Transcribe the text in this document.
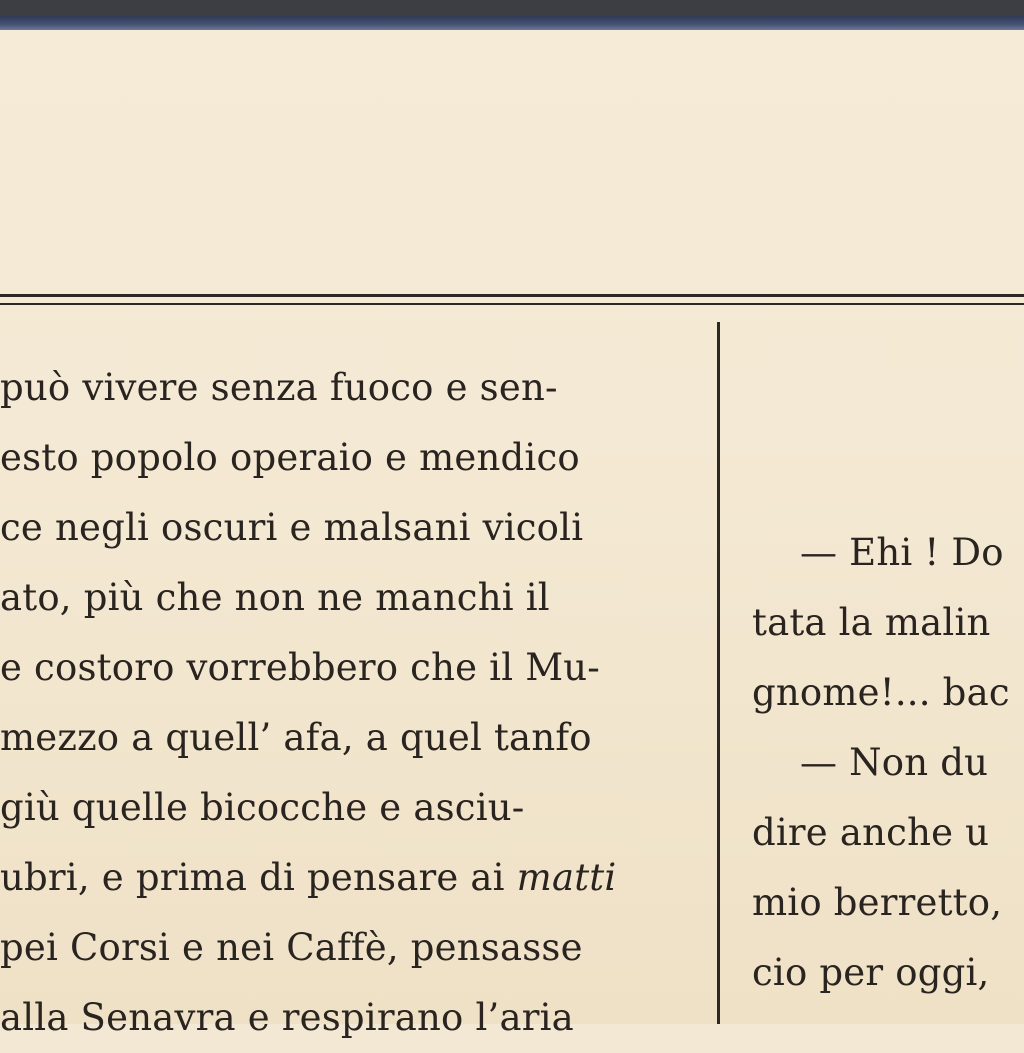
può vivere senza fuoco e sen-
esto popolo operaio e mendico
ce negli oscuri e malsani vicoli
ato, più che non ne manchi il
e costoro vorrebbero che il Mu-
mezzo a quell’ afa, a quel tanfo
giù quelle bicocche e asciu-
ubri, e prima di pensare ai matti
pei Corsi e nei Caffè, pensasse
alla Senavra e respirano l’aria
— Ehi ! Do
tata la malin
gnome!... bac
— Non du
dire anche u
mio berretto,
cio per oggi,
